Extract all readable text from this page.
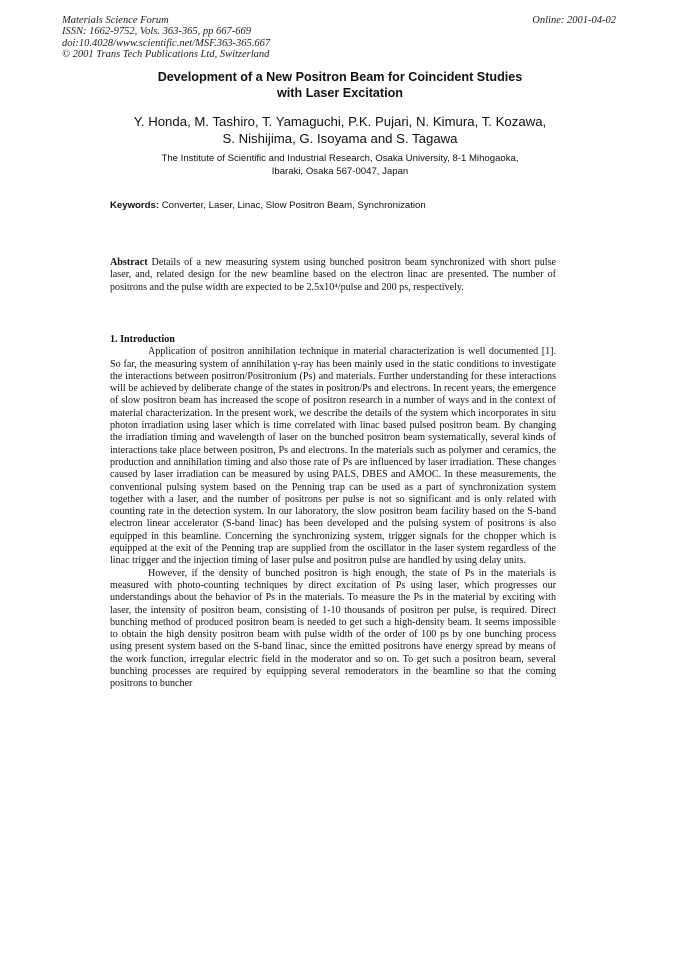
Materials Science Forum
ISSN: 1662-9752, Vols. 363-365, pp 667-669
doi:10.4028/www.scientific.net/MSF.363-365.667
© 2001 Trans Tech Publications Ltd, Switzerland
Online: 2001-04-02
Development of a New Positron Beam for Coincident Studies
with Laser Excitation
Y. Honda, M. Tashiro, T. Yamaguchi, P.K. Pujari, N. Kimura, T. Kozawa,
S. Nishijima, G. Isoyama and S. Tagawa
The Institute of Scientific and Industrial Research, Osaka University, 8-1 Mihogaoka,
Ibaraki, Osaka 567-0047, Japan
Keywords: Converter, Laser, Linac, Slow Positron Beam, Synchronization

Abstract Details of a new measuring system using bunched positron beam synchronized with short pulse laser, and, related design for the new beamline based on the electron linac are presented. The number of positrons and the pulse width are expected to be 2.5x10⁴/pulse and 200 ps, respectively.

1. Introduction

Application of positron annihilation technique in material characterization is well documented [1]. So far, the measuring system of annihilation γ-ray has been mainly used in the static conditions to investigate the interactions between positron/Positronium (Ps) and materials. Further understanding for these interactions will be achieved by deliberate change of the states in positron/Ps and electrons. In recent years, the emergence of slow positron beam has increased the scope of positron research in a number of ways and in the context of material characterization. In the present work, we describe the details of the system which incorporates in situ photon irradiation using laser which is time correlated with linac based pulsed positron beam. By changing the irradiation timing and wavelength of laser on the bunched positron beam systematically, several kinds of interactions take place between positron, Ps and electrons. In the materials such as polymer and ceramics, the production and annihilation timing and also those rate of Ps are influenced by laser irradiation. These changes caused by laser irradiation can be measured by using PALS, DBES and AMOC. In these measurements, the conventional pulsing system based on the Penning trap can be used as a part of synchronization system together with a laser, and the number of positrons per pulse is not so significant and is only related with counting rate in the detection system. In our laboratory, the slow positron beam facility based on the S-band electron linear accelerator (S-band linac) has been developed and the pulsing system of positrons is also equipped in this beamline. Concerning the synchronizing system, trigger signals for the chopper which is equipped at the exit of the Penning trap are supplied from the oscillator in the laser system regardless of the linac trigger and the injection timing of laser pulse and positron pulse are handled by using delay units.

However, if the density of bunched positron is high enough, the state of Ps in the materials is measured with photo-counting techniques by direct excitation of Ps using laser, which progresses our understandings about the behavior of Ps in the materials. To measure the Ps in the material by exciting with laser, the intensity of positron beam, consisting of 1-10 thousands of positron per pulse, is required. Direct bunching method of produced positron beam is needed to get such a high-density beam. It seems impossible to obtain the high density positron beam with pulse width of the order of 100 ps by one bunching process using present system based on the S-band linac, since the emitted positrons have energy spread by means of the work function, irregular electric field in the moderator and so on. To get such a positron beam, several bunching processes are required by equipping several remoderators in the beamline so that the coming positrons to buncher
